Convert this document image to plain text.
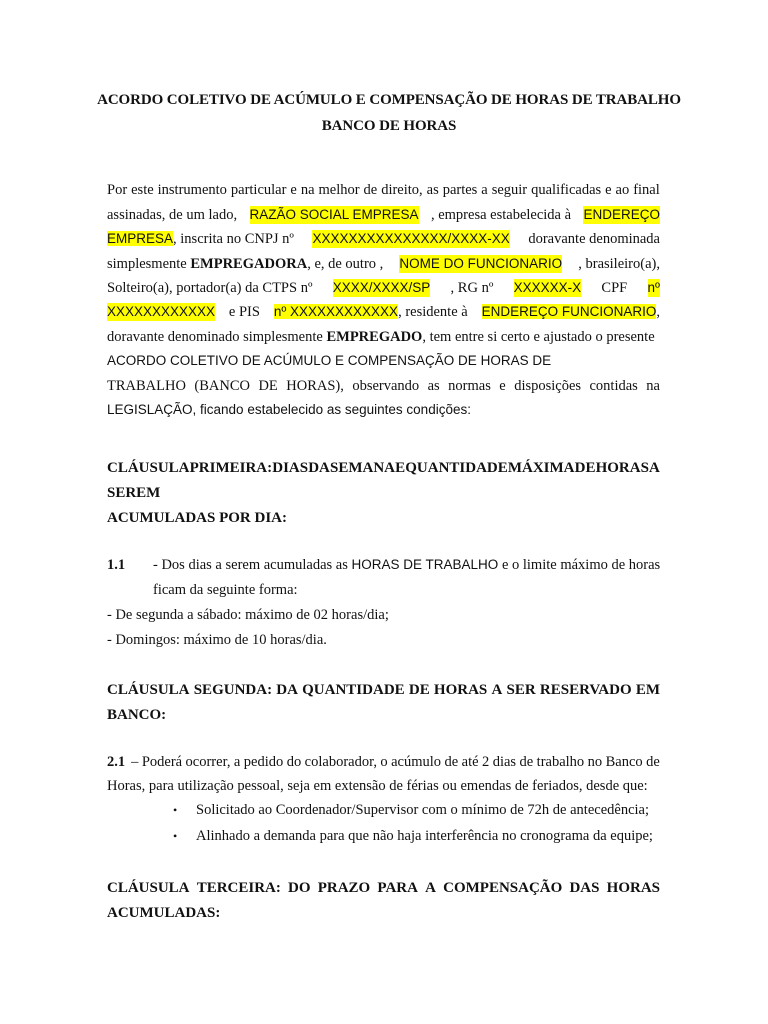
ACORDO COLETIVO DE ACÚMULO E COMPENSAÇÃO DE HORAS DE TRABALHO
BANCO DE HORAS
Por este instrumento particular e na melhor de direito, as partes a seguir qualificadas e ao final
assinadas, de um lado, RAZÃO SOCIAL EMPRESA , empresa estabelecida à ENDEREÇO
EMPRESA, inscrita no CNPJ nº XXXXXXXXXXXXXXX/XXXX-XX doravante denominada
simplesmente EMPREGADORA, e, de outro , NOME DO FUNCIONARIO , brasileiro(a),
Solteiro(a), portador(a) da CTPS nº XXXX/XXXX/SP , RG nº XXXXXX-X CPF nº
XXXXXXXXXXXX e PIS nº XXXXXXXXXXXX, residente à ENDEREÇO FUNCIONARIO,
doravante denominado simplesmente EMPREGADO, tem entre si certo e ajustado o presente
ACORDO COLETIVO DE ACÚMULO E COMPENSAÇÃO DE HORAS DE
TRABALHO (BANCO DE HORAS), observando as normas e disposições contidas na
LEGISLAÇÃO, ficando estabelecido as seguintes condições:
CLÁUSULA PRIMEIRA: DIAS DA SEMANA E QUANTIDADE MÁXIMA DE HORAS A
SEREM
ACUMULADAS POR DIA:
1.1 - Dos dias a serem acumuladas as HORAS DE TRABALHO e o limite máximo de horas
ficam da seguinte forma:
- De segunda a sábado: máximo de 02 horas/dia;
- Domingos: máximo de 10 horas/dia.
CLÁUSULA SEGUNDA: DA QUANTIDADE DE HORAS A SER RESERVADO EM
BANCO:
2.1 – Poderá ocorrer, a pedido do colaborador, o acúmulo de até 2 dias de trabalho no Banco de
Horas, para utilização pessoal, seja em extensão de férias ou emendas de feriados, desde que:
• Solicitado ao Coordenador/Supervisor com o mínimo de 72h de antecedência;
• Alinhado a demanda para que não haja interferência no cronograma da equipe;
CLÁUSULA TERCEIRA: DO PRAZO PARA A COMPENSAÇÃO DAS HORAS
ACUMULADAS:
